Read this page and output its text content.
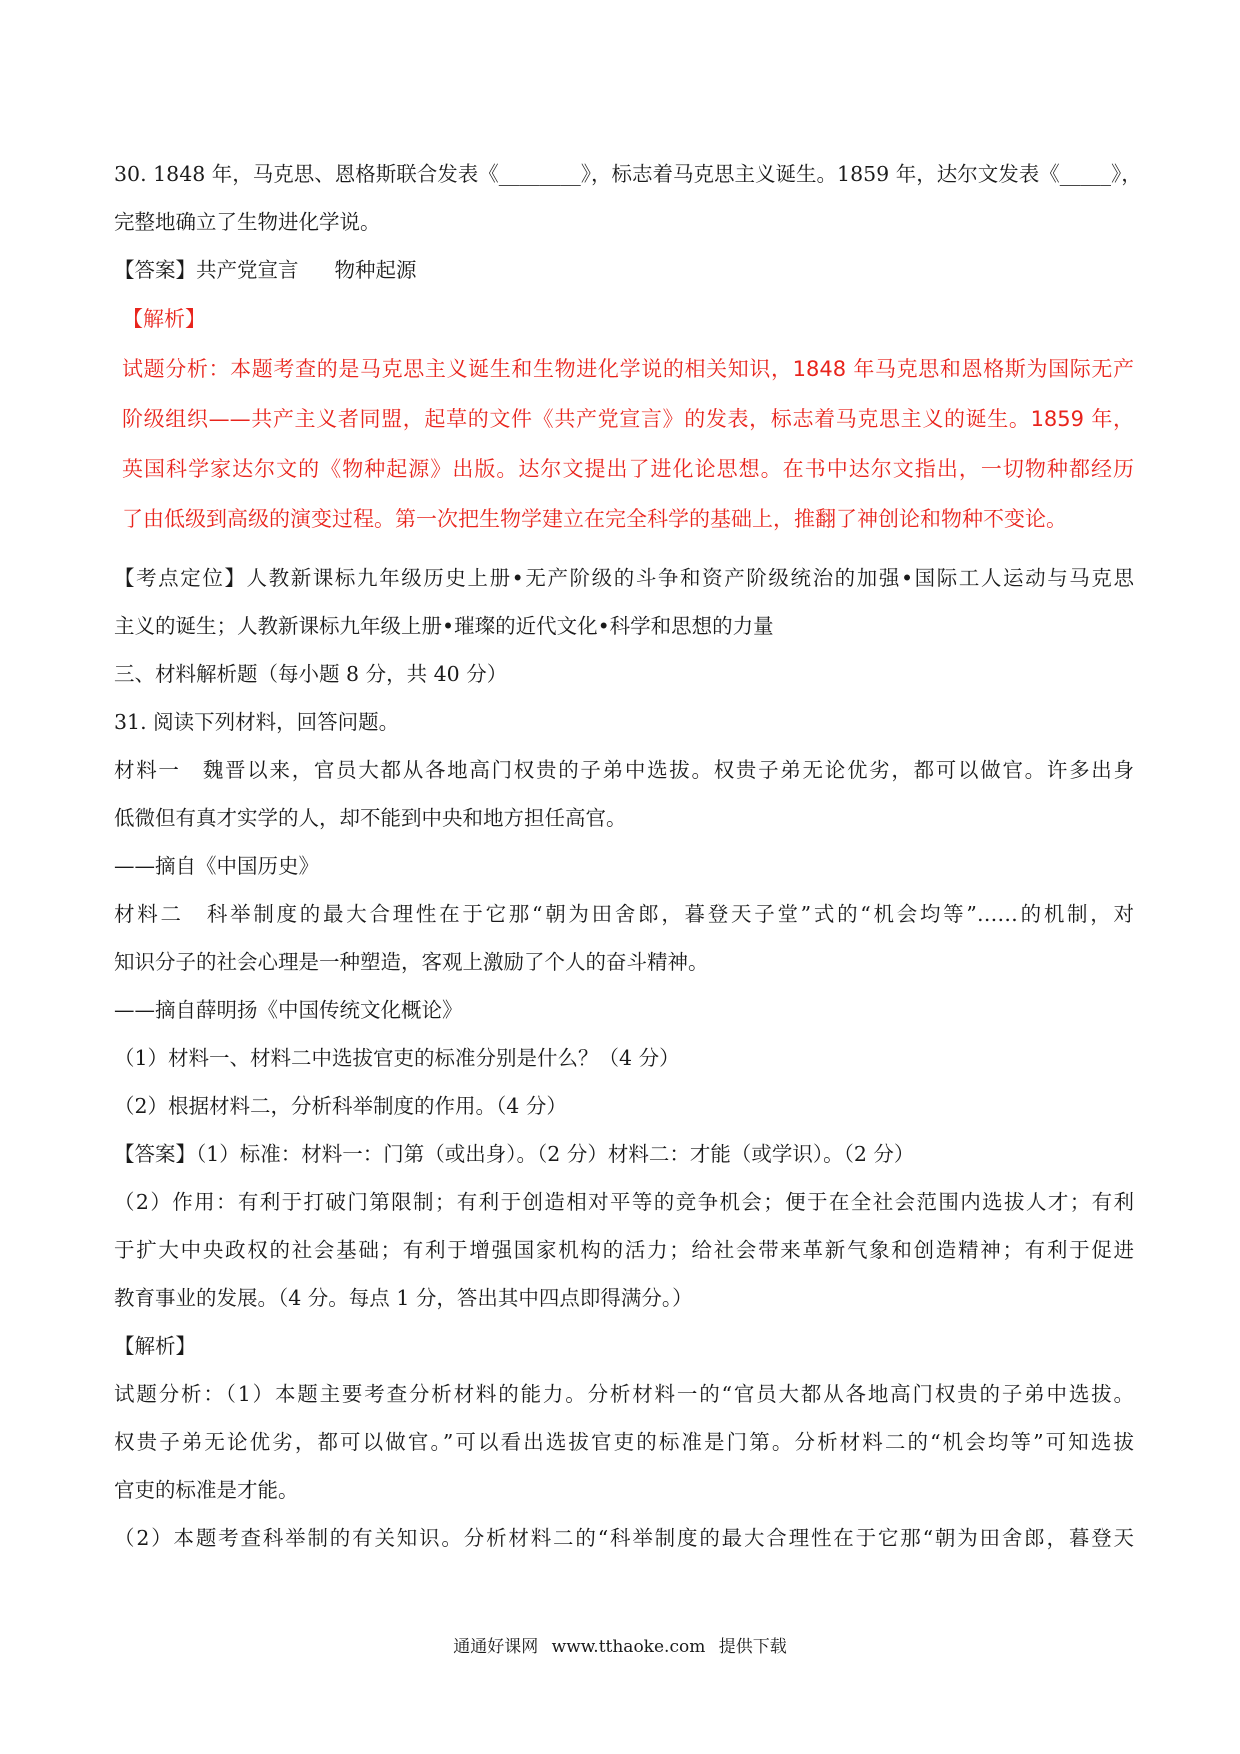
30. 1848 年，马克思、恩格斯联合发表《________》，标志着马克思主义诞生。1859 年，达尔文发表《_____》，

完整地确立了生物进化学说。

【答案】共产党宣言 物种起源

【解析】

试题分析：本题考查的是马克思主义诞生和生物进化学说的相关知识，1848 年马克思和恩格斯为国际无产

阶级组织——共产主义者同盟，起草的文件《共产党宣言》的发表，标志着马克思主义的诞生。1859 年，

英国科学家达尔文的《物种起源》出版。达尔文提出了进化论思想。在书中达尔文指出，一切物种都经历

了由低级到高级的演变过程。第一次把生物学建立在完全科学的基础上，推翻了神创论和物种不变论。

【考点定位】人教新课标九年级历史上册•无产阶级的斗争和资产阶级统治的加强•国际工人运动与马克思

主义的诞生；人教新课标九年级上册•璀璨的近代文化•科学和思想的力量

三、材料解析题（每小题 8 分，共 40 分）

31. 阅读下列材料，回答问题。

材料一　魏晋以来，官员大都从各地高门权贵的子弟中选拔。权贵子弟无论优劣，都可以做官。许多出身

低微但有真才实学的人，却不能到中央和地方担任高官。

——摘自《中国历史》

材料二　科举制度的最大合理性在于它那“朝为田舍郎，暮登天子堂”式的“机会均等”……的机制，对

知识分子的社会心理是一种塑造，客观上激励了个人的奋斗精神。

——摘自薛明扬《中国传统文化概论》

（1）材料一、材料二中选拔官吏的标准分别是什么？（4 分）

（2）根据材料二，分析科举制度的作用。（4 分）

【答案】（1）标准：材料一：门第（或出身）。（2 分）材料二：才能（或学识）。（2 分）

（2）作用：有利于打破门第限制；有利于创造相对平等的竞争机会；便于在全社会范围内选拔人才；有利

于扩大中央政权的社会基础；有利于增强国家机构的活力；给社会带来革新气象和创造精神；有利于促进

教育事业的发展。（4 分。每点 1 分，答出其中四点即得满分。）

【解析】

试题分析：（1）本题主要考查分析材料的能力。分析材料一的“官员大都从各地高门权贵的子弟中选拔。

权贵子弟无论优劣，都可以做官。”可以看出选拔官吏的标准是门第。分析材料二的“机会均等”可知选拔

官吏的标准是才能。

（2）本题考查科举制的有关知识。分析材料二的“科举制度的最大合理性在于它那“朝为田舍郎，暮登天

通通好课网 www.tthaoke.com 提供下载
